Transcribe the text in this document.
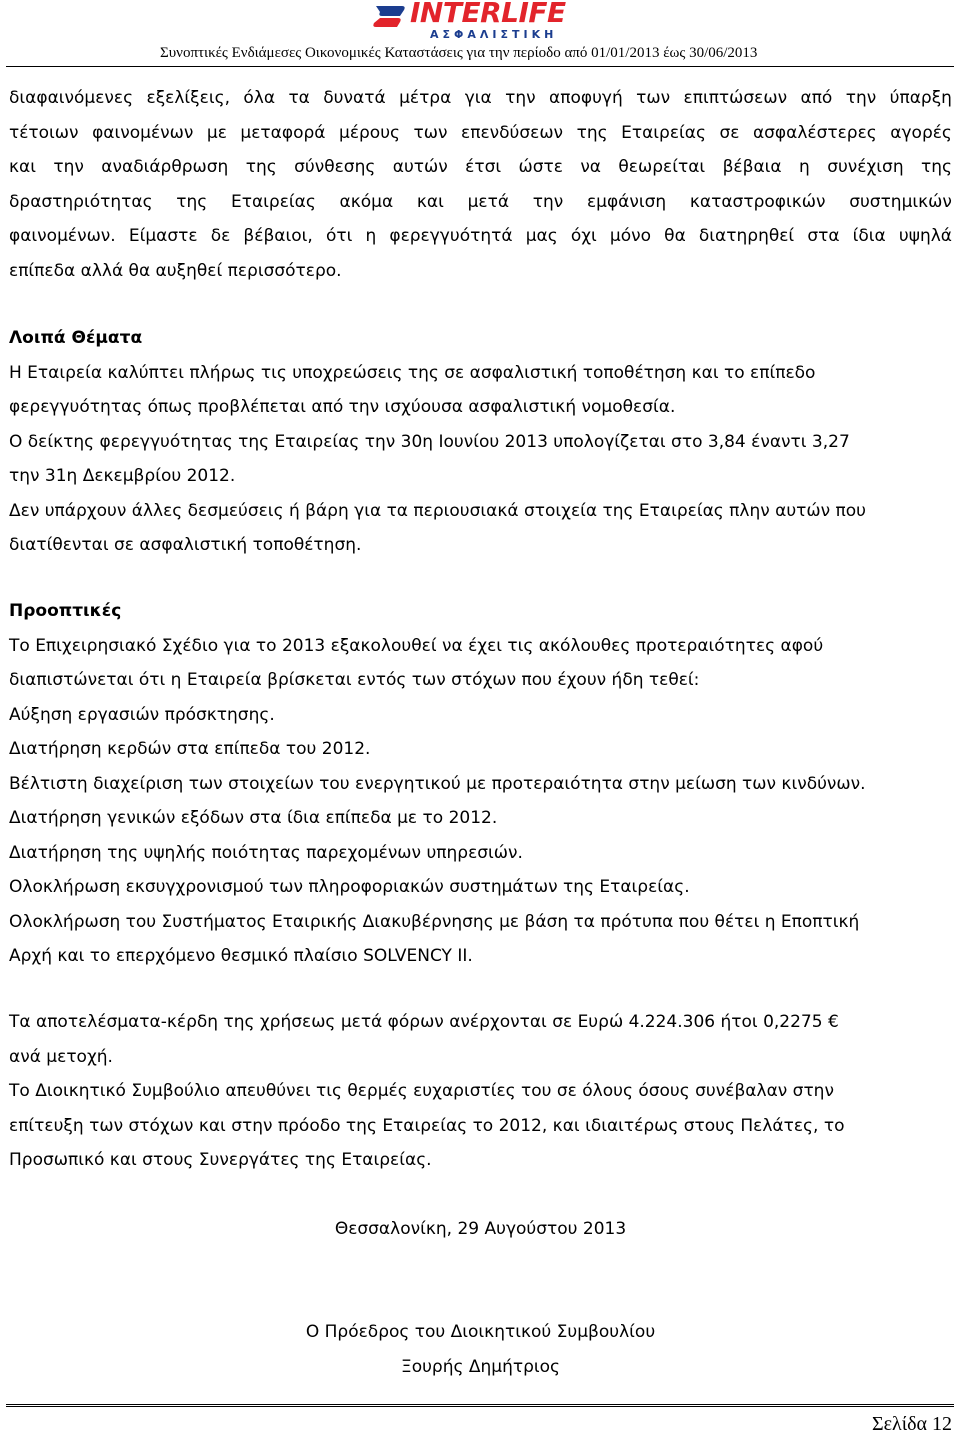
INTERLIFE
ΑΣΦΑΛΙΣΤΙΚΗ
Συνοπτικές Ενδιάμεσες Οικονομικές Καταστάσεις για την περίοδο από 01/01/2013 έως 30/06/2013
διαφαινόμενες εξελίξεις, όλα τα δυνατά μέτρα για την αποφυγή των επιπτώσεων από την ύπαρξη
τέτοιων φαινομένων με μεταφορά μέρους των επενδύσεων της Εταιρείας σε ασφαλέστερες αγορές
και την αναδιάρθρωση της σύνθεσης αυτών έτσι ώστε να θεωρείται βέβαια η συνέχιση της
δραστηριότητας της Εταιρείας ακόμα και μετά την εμφάνιση καταστροφικών συστημικών
φαινομένων. Είμαστε δε βέβαιοι, ότι η φερεγγυότητά μας όχι μόνο θα διατηρηθεί στα ίδια υψηλά
επίπεδα αλλά θα αυξηθεί περισσότερο.
Λοιπά Θέματα
Η Εταιρεία καλύπτει πλήρως τις υποχρεώσεις της σε ασφαλιστική τοποθέτηση και το επίπεδο
φερεγγυότητας όπως προβλέπεται από την ισχύουσα ασφαλιστική νομοθεσία.
Ο δείκτης φερεγγυότητας της Εταιρείας την 30η Ιουνίου 2013 υπολογίζεται στο 3,84 έναντι 3,27
την 31η Δεκεμβρίου 2012.
Δεν υπάρχουν άλλες δεσμεύσεις ή βάρη για τα περιουσιακά στοιχεία της Εταιρείας πλην αυτών που
διατίθενται σε ασφαλιστική τοποθέτηση.
Προοπτικές
Το Επιχειρησιακό Σχέδιο για το 2013 εξακολουθεί να έχει τις ακόλουθες προτεραιότητες αφού
διαπιστώνεται ότι η Εταιρεία βρίσκεται εντός των στόχων που έχουν ήδη τεθεί:
Αύξηση εργασιών πρόσκτησης.
Διατήρηση κερδών στα επίπεδα του 2012.
Βέλτιστη διαχείριση των στοιχείων του ενεργητικού με προτεραιότητα στην μείωση των κινδύνων.
Διατήρηση γενικών εξόδων στα ίδια επίπεδα με το 2012.
Διατήρηση της υψηλής ποιότητας παρεχομένων υπηρεσιών.
Ολοκλήρωση εκσυγχρονισμού των πληροφοριακών συστημάτων της Εταιρείας.
Ολοκλήρωση του Συστήματος Εταιρικής Διακυβέρνησης με βάση τα πρότυπα που θέτει η Εποπτική
Αρχή και το επερχόμενο θεσμικό πλαίσιο SOLVENCY II.
Τα αποτελέσματα-κέρδη της χρήσεως μετά φόρων ανέρχονται σε Ευρώ 4.224.306 ήτοι 0,2275 €
ανά μετοχή.
Το Διοικητικό Συμβούλιο απευθύνει τις θερμές ευχαριστίες του σε όλους όσους συνέβαλαν στην
επίτευξη των στόχων και στην πρόοδο της Εταιρείας το 2012, και ιδιαιτέρως στους Πελάτες, το
Προσωπικό και στους Συνεργάτες της Εταιρείας.
Θεσσαλονίκη, 29 Αυγούστου 2013
Ο Πρόεδρος του Διοικητικού Συμβουλίου
Ξουρής Δημήτριος
Σελίδα 12
